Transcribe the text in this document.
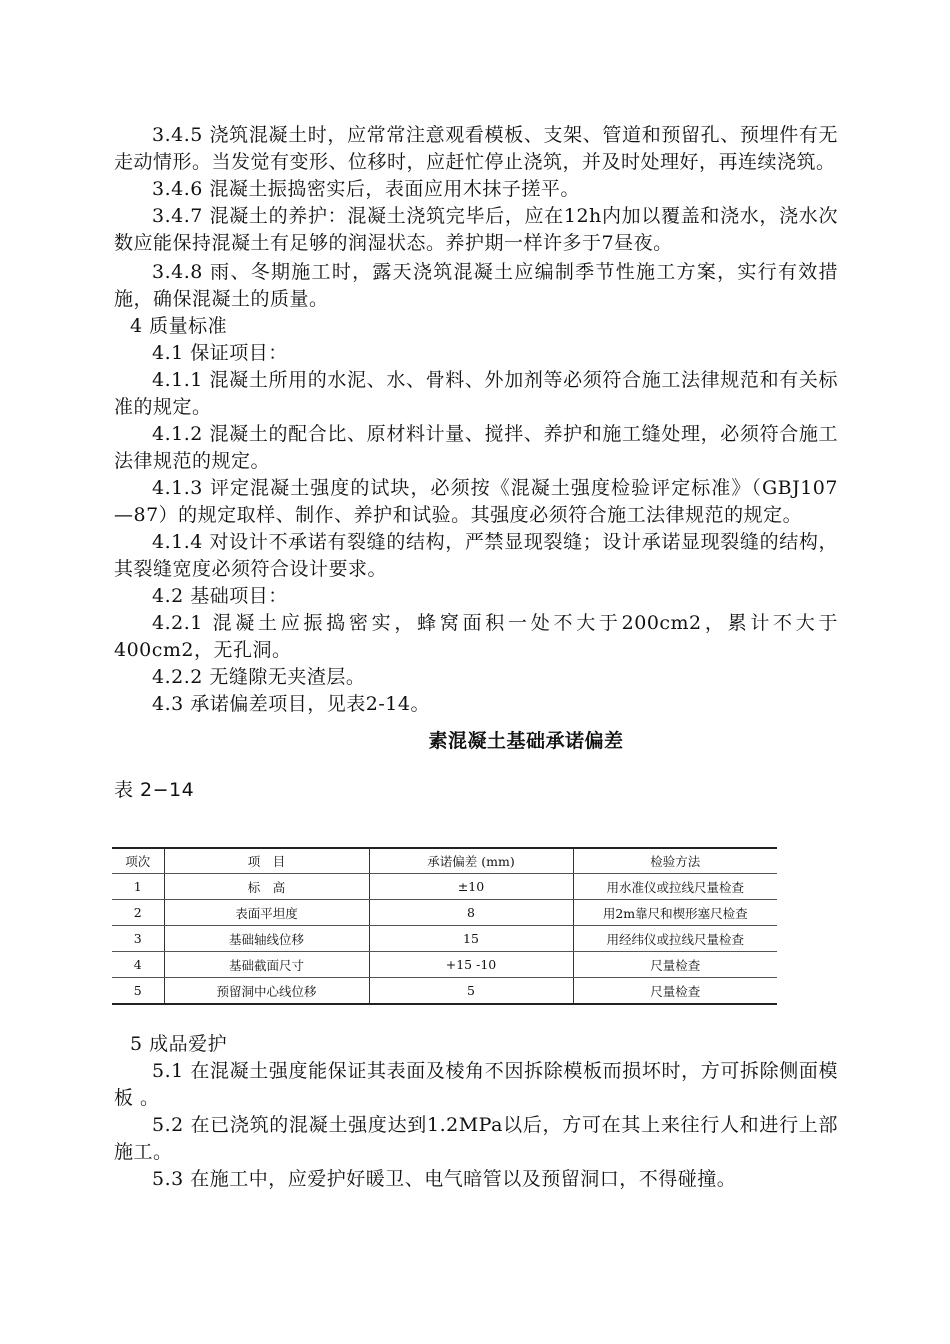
3.4.5 浇筑混凝土时，应常常注意观看模板、支架、管道和预留孔、预埋件有无走动情形。当发觉有变形、位移时，应赶忙停止浇筑，并及时处理好，再连续浇筑。

3.4.6 混凝土振捣密实后，表面应用木抹子搓平。

3.4.7 混凝土的养护：混凝土浇筑完毕后，应在12h内加以覆盖和浇水，浇水次数应能保持混凝土有足够的润湿状态。养护期一样许多于7昼夜。

3.4.8 雨、冬期施工时，露天浇筑混凝土应编制季节性施工方案，实行有效措施，确保混凝土的质量。

4 质量标准

4.1 保证项目：

4.1.1 混凝土所用的水泥、水、骨料、外加剂等必须符合施工法律规范和有关标准的规定。

4.1.2 混凝土的配合比、原材料计量、搅拌、养护和施工缝处理，必须符合施工法律规范的规定。

4.1.3 评定混凝土强度的试块，必须按《混凝土强度检验评定标准》（GBJ107—87）的规定取样、制作、养护和试验。其强度必须符合施工法律规范的规定。

4.1.4 对设计不承诺有裂缝的结构，严禁显现裂缝；设计承诺显现裂缝的结构，其裂缝宽度必须符合设计要求。

4.2 基础项目：

4.2.1 混凝土应振捣密实，蜂窝面积一处不大于200cm2，累计不大于400cm2，无孔洞。

4.2.2 无缝隙无夹渣层。

4.3 承诺偏差项目，见表2-14。

素混凝土基础承诺偏差

表 2−14

项次	项　目	承诺偏差 (mm)	检验方法
1	标　高	±10	用水准仪或拉线尺量检查
2	表面平坦度	8	用2m靠尺和楔形塞尺检查
3	基础轴线位移	15	用经纬仪或拉线尺量检查
4	基础截面尺寸	+15 -10	尺量检查
5	预留洞中心线位移	5	尺量检查

5 成品爱护

5.1 在混凝土强度能保证其表面及棱角不因拆除模板而损坏时，方可拆除侧面模板 。

5.2 在已浇筑的混凝土强度达到1.2MPa以后，方可在其上来往行人和进行上部施工。

5.3 在施工中，应爱护好暖卫、电气暗管以及预留洞口，不得碰撞。
